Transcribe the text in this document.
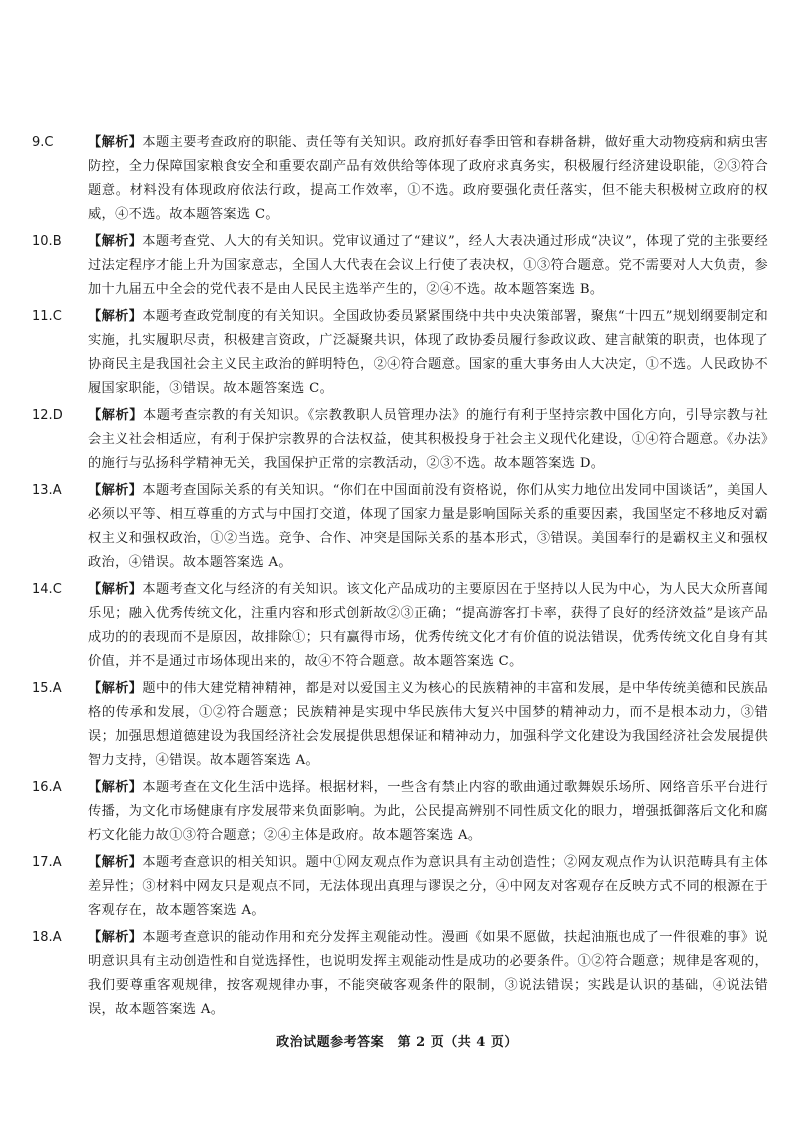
9.C	【解析】本题主要考查政府的职能、责任等有关知识。政府抓好春季田管和春耕备耕，做好重大动物疫病和病虫害防控，全力保障国家粮食安全和重要农副产品有效供给等体现了政府求真务实，积极履行经济建设职能，②③符合题意。材料没有体现政府依法行政，提高工作效率，①不选。政府要强化责任落实，但不能夫积极树立政府的权威，④不选。故本题答案选 C。
10.B	【解析】本题考查党、人大的有关知识。党审议通过了“建议”，经人大表决通过形成“决议”，体现了党的主张要经过法定程序才能上升为国家意志，全国人大代表在会议上行使了表决权，①③符合题意。党不需要对人大负责，参加十九届五中全会的党代表不是由人民民主选举产生的，②④不选。故本题答案选 B。
11.C	【解析】本题考查政党制度的有关知识。全国政协委员紧紧围绕中共中央决策部署，聚焦“十四五”规划纲要制定和实施，扎实履职尽责，积极建言资政，广泛凝聚共识，体现了政协委员履行参政议政、建言献策的职责，也体现了协商民主是我国社会主义民主政治的鲜明特色，②④符合题意。国家的重大事务由人大决定，①不选。人民政协不履国家职能，③错误。故本题答案选 C。
12.D	【解析】本题考查宗教的有关知识。《宗教教职人员管理办法》的施行有利于坚持宗教中国化方向，引导宗教与社会主义社会相适应，有利于保护宗教界的合法权益，使其积极投身于社会主义现代化建设，①④符合题意。《办法》的施行与弘扬科学精神无关，我国保护正常的宗教活动，②③不选。故本题答案选 D。
13.A	【解析】本题考查国际关系的有关知识。“你们在中国面前没有资格说，你们从实力地位出发同中国谈话”，美国人必须以平等、相互尊重的方式与中国打交道，体现了国家力量是影响国际关系的重要因素，我国坚定不移地反对霸权主义和强权政治，①②当选。竞争、合作、冲突是国际关系的基本形式，③错误。美国奉行的是霸权主义和强权政治，④错误。故本题答案选 A。
14.C	【解析】本题考查文化与经济的有关知识。该文化产品成功的主要原因在于坚持以人民为中心，为人民大众所喜闻乐见；融入优秀传统文化，注重内容和形式创新故②③正确；“提高游客打卡率，获得了良好的经济效益”是该产品成功的的表现而不是原因，故排除①；只有赢得市场，优秀传统文化才有价值的说法错误，优秀传统文化自身有其价值，并不是通过市场体现出来的，故④不符合题意。故本题答案选 C。
15.A	【解析】题中的伟大建党精神精神，都是对以爱国主义为核心的民族精神的丰富和发展，是中华传统美德和民族品格的传承和发展，①②符合题意；民族精神是实现中华民族伟大复兴中国梦的精神动力，而不是根本动力，③错误；加强思想道德建设为我国经济社会发展提供思想保证和精神动力，加强科学文化建设为我国经济社会发展提供智力支持，④错误。故本题答案选 A。
16.A	【解析】本题考查在文化生活中选择。根据材料，一些含有禁止内容的歌曲通过歌舞娱乐场所、网络音乐平台进行传播，为文化市场健康有序发展带来负面影响。为此，公民提高辨别不同性质文化的眼力，增强抵御落后文化和腐朽文化能力故①③符合题意；②④主体是政府。故本题答案选 A。
17.A	【解析】本题考查意识的相关知识。题中①网友观点作为意识具有主动创造性；②网友观点作为认识范畴具有主体差异性；③材料中网友只是观点不同，无法体现出真理与谬误之分，④中网友对客观存在反映方式不同的根源在于客观存在，故本题答案选 A。
18.A	【解析】本题考查意识的能动作用和充分发挥主观能动性。漫画《如果不愿做，扶起油瓶也成了一件很难的事》说明意识具有主动创造性和自觉选择性，也说明发挥主观能动性是成功的必要条件。①②符合题意；规律是客观的，我们要尊重客观规律，按客观规律办事，不能突破客观条件的限制，③说法错误；实践是认识的基础，④说法错误，故本题答案选 A。
政治试题参考答案　第 2 页（共 4 页）
